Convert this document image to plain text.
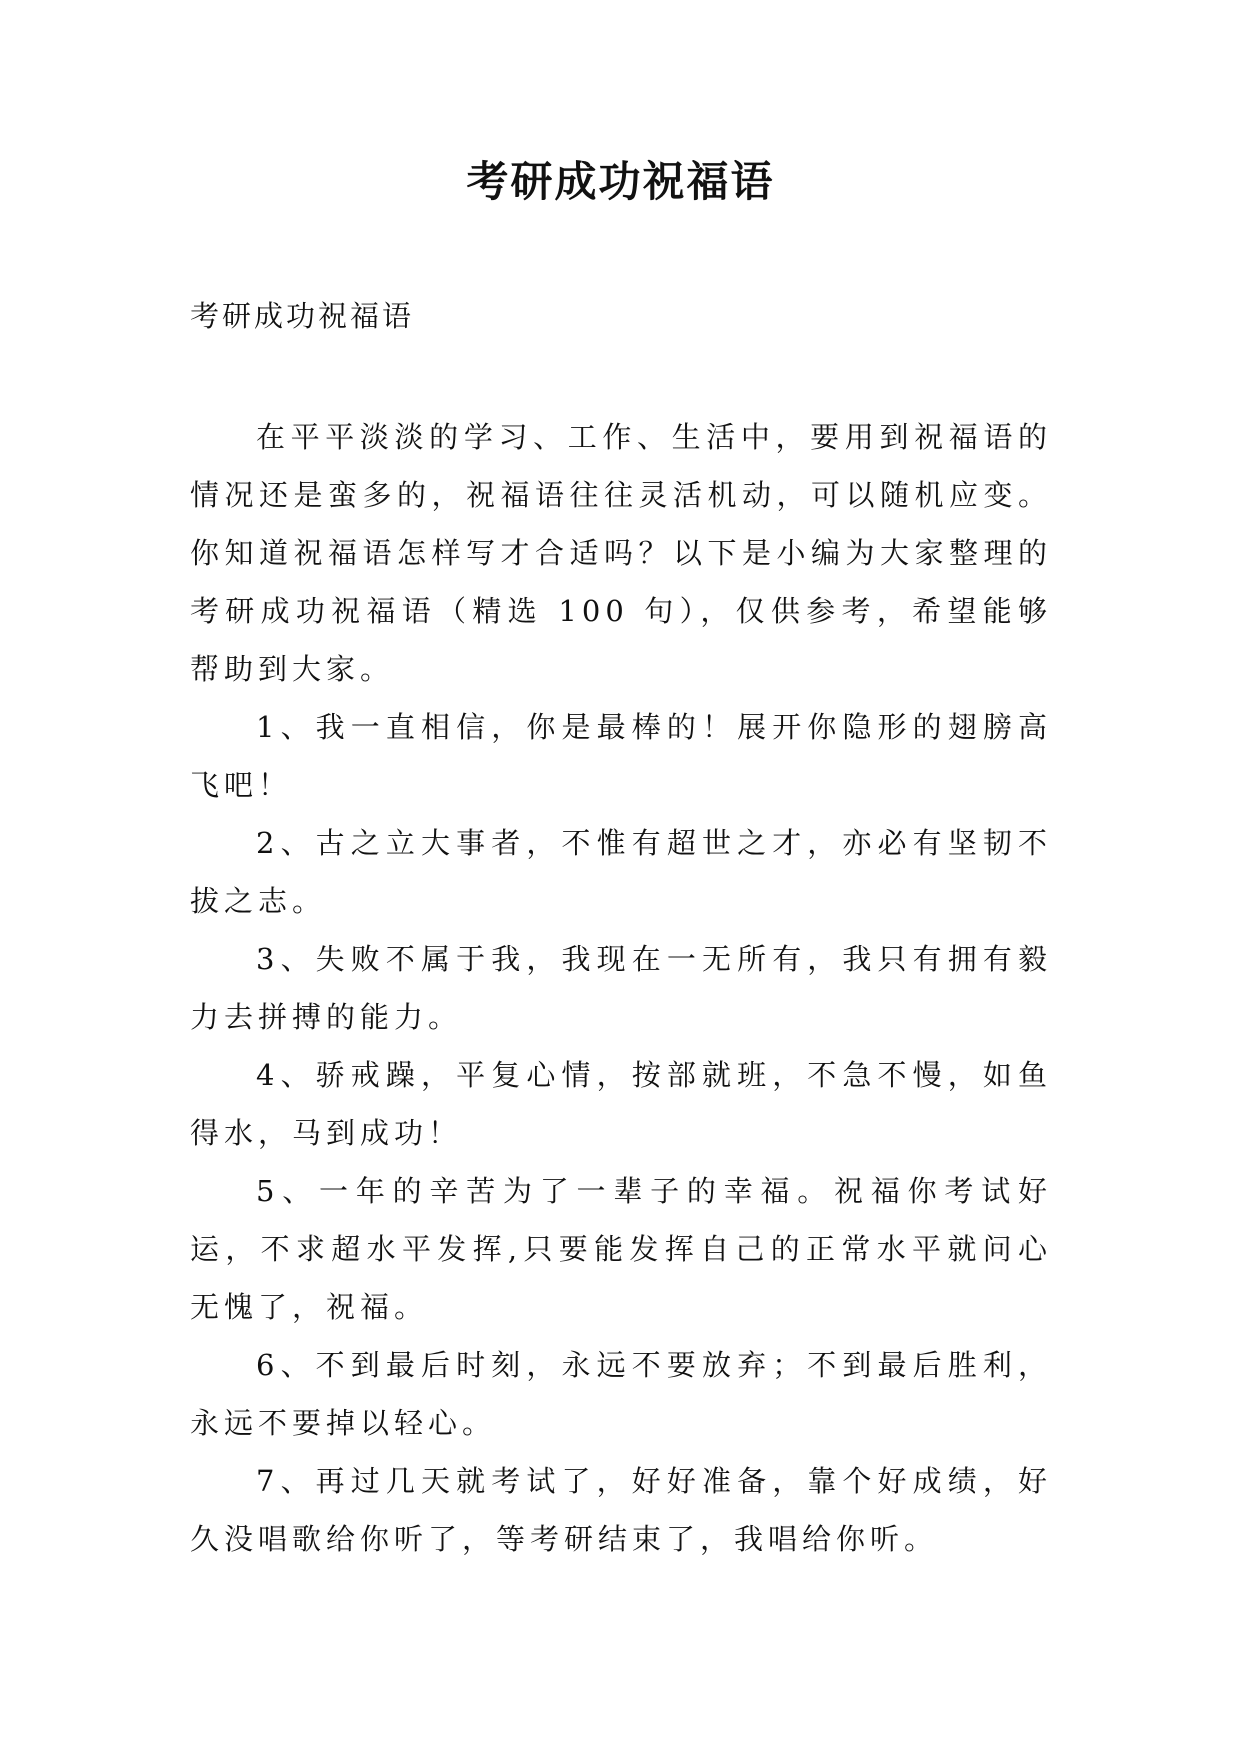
考研成功祝福语

考研成功祝福语

在平平淡淡的学习、工作、生活中，要用到祝福语的情况还是蛮多的，祝福语往往灵活机动，可以随机应变。你知道祝福语怎样写才合适吗？以下是小编为大家整理的考研成功祝福语（精选 100 句），仅供参考，希望能够帮助到大家。

1、我一直相信，你是最棒的！展开你隐形的翅膀高飞吧！

2、古之立大事者，不惟有超世之才，亦必有坚韧不拔之志。

3、失败不属于我，我现在一无所有，我只有拥有毅力去拼搏的能力。

4、骄戒躁，平复心情，按部就班，不急不慢，如鱼得水，马到成功！

5、一年的辛苦为了一辈子的幸福。祝福你考试好运，不求超水平发挥,只要能发挥自己的正常水平就问心无愧了，祝福。

6、不到最后时刻，永远不要放弃；不到最后胜利，永远不要掉以轻心。

7、再过几天就考试了，好好准备，靠个好成绩，好久没唱歌给你听了，等考研结束了，我唱给你听。
